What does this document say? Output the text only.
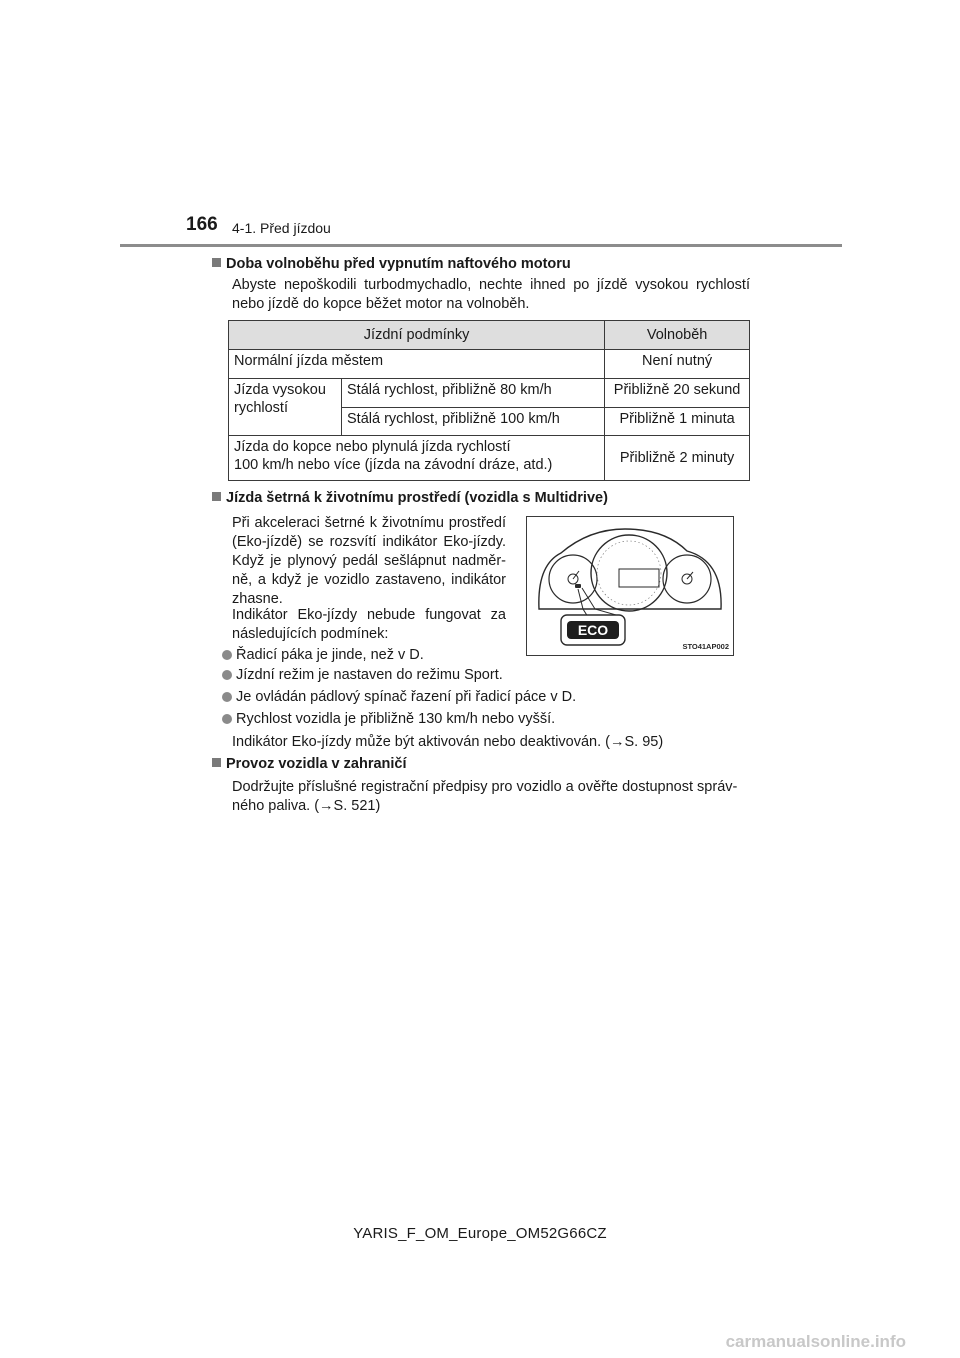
166 4-1. Před jízdou
Doba volnoběhu před vypnutím naftového motoru
Abyste nepoškodili turbodmychadlo, nechte ihned po jízdě vysokou rychlostí nebo jízdě do kopce běžet motor na volnoběh.
Jízdní podmínky		Volnoběh
Normální jízda městem		Není nutný
Jízda vysokou rychlostí	Stálá rychlost, přibližně 80 km/h	Přibližně 20 sekund
	Stálá rychlost, přibližně 100 km/h	Přibližně 1 minuta

Jízda do kopce nebo plynulá jízda rychlostí
100 km/h nebo více (jízda na závodní dráze, atd.)		Přibližně 2 minuty
Jízda šetrná k životnímu prostředí (vozidla s Multidrive)
Při akceleraci šetrné k životnímu prostředí (Eko-jízdě) se rozsvítí indikátor Eko-jízdy. Když je plynový pedál sešlápnut nadměr-ně, a když je vozidlo zastaveno, indikátor zhasne.
Indikátor Eko-jízdy nebude fungovat za následujících podmínek:
Řadicí páka je jinde, než v D.
Jízdní režim je nastaven do režimu Sport.
Je ovládán pádlový spínač řazení při řadicí páce v D.
Rychlost vozidla je přibližně 130 km/h nebo vyšší.
Indikátor Eko-jízdy může být aktivován nebo deaktivován. (→S. 95)
ECO
STO41AP002
Provoz vozidla v zahraničí
Dodržujte příslušné registrační předpisy pro vozidlo a ověřte dostupnost správ-
ného paliva. (→S. 521)
YARIS_F_OM_Europe_OM52G66CZ
carmanualsonline.info
